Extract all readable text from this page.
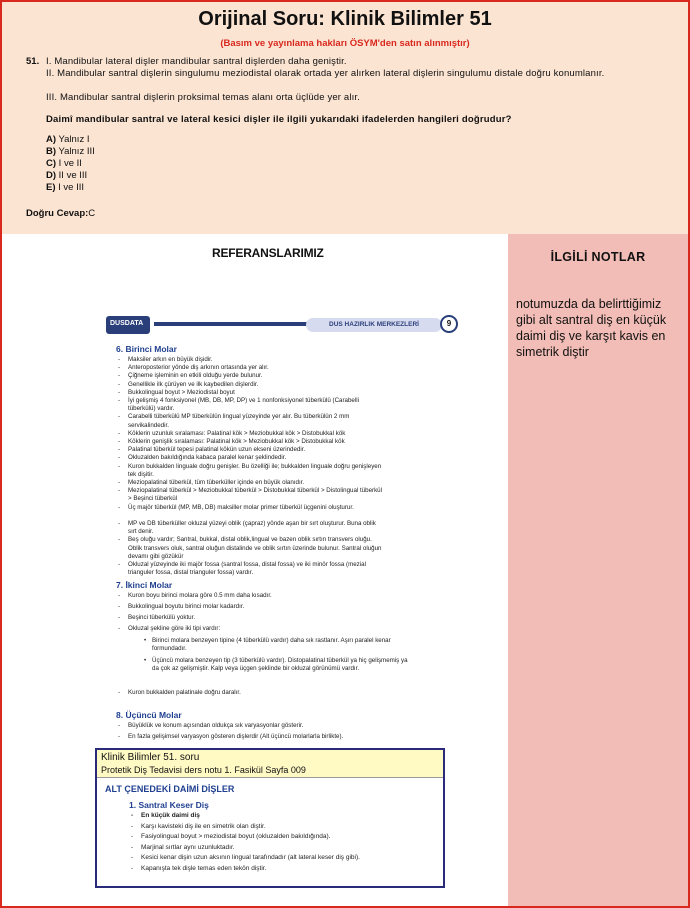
Orijinal Soru: Klinik Bilimler 51
(Basım ve yayınlama hakları ÖSYM'den satın alınmıştır)
51. I. Mandibular lateral dişler mandibular santral dişlerden daha geniştir.
II. Mandibular santral dişlerin singulumu meziodistal olarak ortada yer alırken lateral dişlerin singulumu distale doğru konumlanır.
III. Mandibular santral dişlerin proksimal temas alanı orta üçlüde yer alır.
Daimî mandibular santral ve lateral kesici dişler ile ilgili yukarıdaki ifadelerden hangileri doğrudur?
A) Yalnız I
B) Yalnız III
C) I ve II
D) II ve III
E) I ve III
Doğru Cevap:C
REFERANSLARIMIZ	İLGİLİ NOTLAR
notumuzda da belirttiğimiz gibi alt santral diş en küçük daimi diş ve karşıt kavis en simetrik diştir
DUSDATA	DUS HAZIRLIK MERKEZLERİ	9
6. Birinci Molar
- Maksiler arkın en büyük dişidir.
- Anteroposterior yönde diş arkının ortasında yer alır.
- Çiğneme işleminin en etkili olduğu yerde bulunur.
- Genellikle ilk çürüyen ve ilk kaybedilen dişlerdir.
- Bukkolingual boyut > Meziodistal boyut
- İyi gelişmiş 4 fonksiyonel (MB, DB, MP, DP) ve 1 nonfonksiyonel tüberkülü (Carabelli tüberkülü) vardır.
- Carabelli tüberkülü MP tüberkülün lingual yüzeyinde yer alır. Bu tüberkülün 2 mm servikalindedir.
- Köklerin uzunluk sıralaması: Palatinal kök > Meziobukkal kök > Distobukkal kök
- Köklerin genişlik sıralaması: Palatinal kök > Meziobukkal kök > Distobukkal kök
- Palatinal tüberkül tepesi palatinal kökün uzun ekseni üzerindedir.
- Okluzalden bakıldığında kabaca paralel kenar şeklindedir.
- Kuron bukkalden linguale doğru genişler. Bu özelliği ile; bukkalden linguale doğru genişleyen tek dişitir.
- Meziopalatinal tüberkül, tüm tüberküller içinde en büyük olanıdır.
- Meziopalatinal tüberkül > Meziobukkal tüberkül > Distobukkal tüberkül > Distolingual tüberkül > Beşinci tüberkül
- Üç majör tüberkül (MP, MB, DB) maksiller molar primer tüberkül üçgenini oluşturur.
- MP ve DB tüberküller okluzal yüzeyi oblik (çapraz) yönde aşan bir sırt oluşturur. Buna oblik sırt denir.
- Beş oluğu vardır; Santral, bukkal, distal oblik,lingual ve bazen oblik sırtın transvers oluğu. Oblik transvers oluk, santral oluğun distalinde ve oblik sırtın üzerinde bulunur. Santral oluğun devamı gibi gözükür
- Okluzal yüzeyinde iki majör fossa (santral fossa, distal fossa) ve iki minör fossa (mezial trianguler fossa, distal trianguler fossa) vardır.
7. İkinci Molar
- Kuron boyu birinci molara göre 0.5 mm daha kısadır.
- Bukkolingual boyutu birinci molar kadardır.
- Beşinci tüberkülü yoktur.
- Okluzal şekline göre iki tipi vardır:
• Birinci molara benzeyen tipine (4 tüberkülü vardır) daha sık rastlanır. Aşırı paralel kenar formundadır.
• Üçüncü molara benzeyen tip (3 tüberkülü vardır). Distopalatinal tüberkül ya hiç gelişmemiş ya da çok az gelişmiştir. Kalp veya üçgen şeklinde bir okluzal görünümü vardır.
- Kuron bukkalden palatinale doğru daralır.
8. Üçüncü Molar
- Büyüklük ve konum açısından oldukça sık varyasyonlar gösterir.
- En fazla gelişimsel varyasyon gösteren dişlerdir (Alt üçüncü molarlarla birlikte).
Klinik Bilimler 51. soru
Protetik Diş Tedavisi ders notu 1. Fasikül Sayfa 009
ALT ÇENEDEKİ DAİMİ DİŞLER
1. Santral Keser Diş
- En küçük daimi diş
- Karşı kavisteki diş ile en simetrik olan diştir.
- Fasiyolingual boyut > meziodistal boyut (okluzalden bakıldığında).
- Marjinal sırtlar aynı uzunluktadır.
- Kesici kenar dişin uzun aksının lingual tarafındadır (alt lateral keser diş gibi).
- Kapanışta tek dişle temas eden tekön diştir.
